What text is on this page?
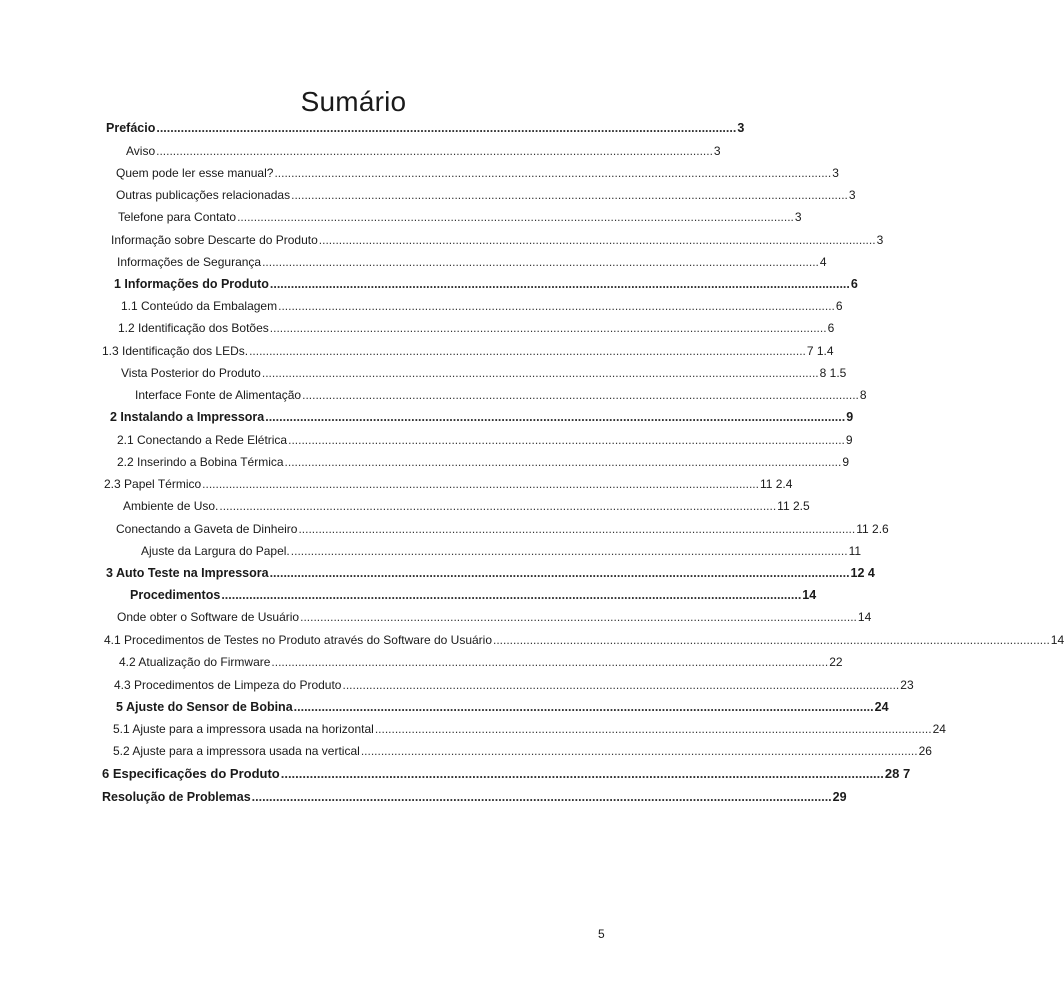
Sumário
Prefácio ....................................................................................................................................................................... 3
Aviso ....................................................................................................................................................................... 3
Quem pode ler esse manual? ....................................................................................................................................................................... 3
Outras publicações relacionadas ....................................................................................................................................................................... 3
Telefone para Contato ....................................................................................................................................................................... 3
Informação sobre Descarte do Produto ....................................................................................................................................................................... 3
Informações de Segurança ....................................................................................................................................................................... 4
1 Informações do Produto ....................................................................................................................................................................... 6
1.1 Conteúdo da Embalagem ....................................................................................................................................................................... 6
1.2 Identificação dos Botões ....................................................................................................................................................................... 6
1.3 Identificação dos LEDs. ....................................................................................................................................................................... 7 1.4
Vista Posterior do Produto ....................................................................................................................................................................... 8 1.5
Interface Fonte de Alimentação ....................................................................................................................................................................... 8
2 Instalando a Impressora ....................................................................................................................................................................... 9
2.1 Conectando a Rede Elétrica ....................................................................................................................................................................... 9
2.2 Inserindo a Bobina Térmica ....................................................................................................................................................................... 9
2.3 Papel Térmico ....................................................................................................................................................................... 11 2.4
Ambiente de Uso. ....................................................................................................................................................................... 11 2.5
Conectando a Gaveta de Dinheiro ....................................................................................................................................................................... 11 2.6
Ajuste da Largura do Papel. ....................................................................................................................................................................... 11
3 Auto Teste na Impressora ....................................................................................................................................................................... 12 4
Procedimentos ....................................................................................................................................................................... 14
Onde obter o Software de Usuário ....................................................................................................................................................................... 14
4.1 Procedimentos de Testes no Produto através do Software do Usuário ....................................................................................................................................................................... 14
4.2 Atualização do Firmware ....................................................................................................................................................................... 22
4.3 Procedimentos de Limpeza do Produto ....................................................................................................................................................................... 23
5 Ajuste do Sensor de Bobina ....................................................................................................................................................................... 24
5.1 Ajuste para a impressora usada na horizontal ....................................................................................................................................................................... 24
5.2 Ajuste para a impressora usada na vertical ....................................................................................................................................................................... 26
6 Especificações do Produto ....................................................................................................................................................................... 28 7
Resolução de Problemas ....................................................................................................................................................................... 29
5
